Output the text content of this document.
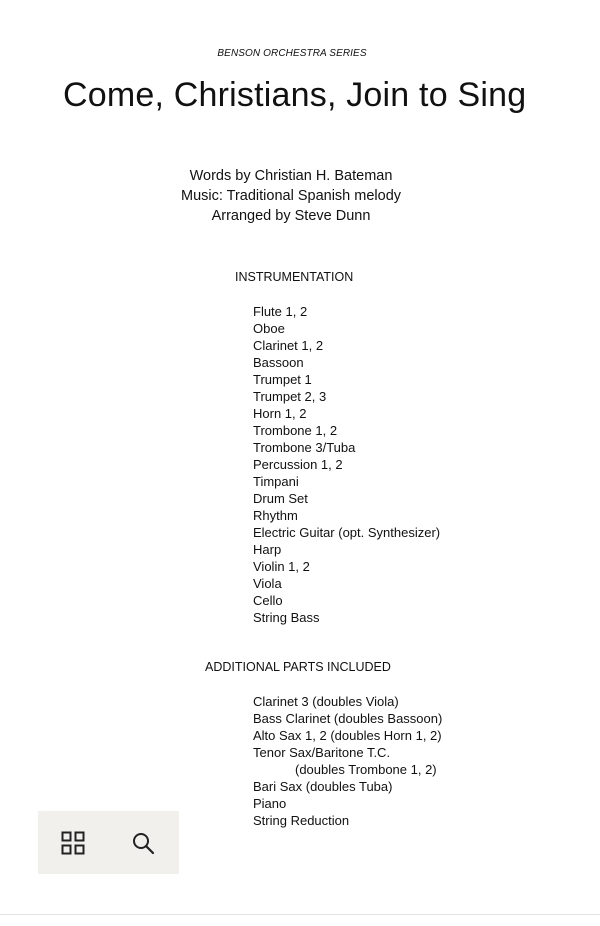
BENSON ORCHESTRA SERIES
Come, Christians, Join to Sing
Words by Christian H. Bateman
Music: Traditional Spanish melody
Arranged by Steve Dunn
INSTRUMENTATION
Flute 1, 2
Oboe
Clarinet 1, 2
Bassoon
Trumpet 1
Trumpet 2, 3
Horn 1, 2
Trombone 1, 2
Trombone 3/Tuba
Percussion 1, 2
Timpani
Drum Set
Rhythm
Electric Guitar (opt. Synthesizer)
Harp
Violin 1, 2
Viola
Cello
String Bass
ADDITIONAL PARTS INCLUDED
Clarinet 3 (doubles Viola)
Bass Clarinet (doubles Bassoon)
Alto Sax 1, 2 (doubles Horn 1, 2)
Tenor Sax/Baritone T.C.
(doubles Trombone 1, 2)
Bari Sax (doubles Tuba)
Piano
String Reduction
